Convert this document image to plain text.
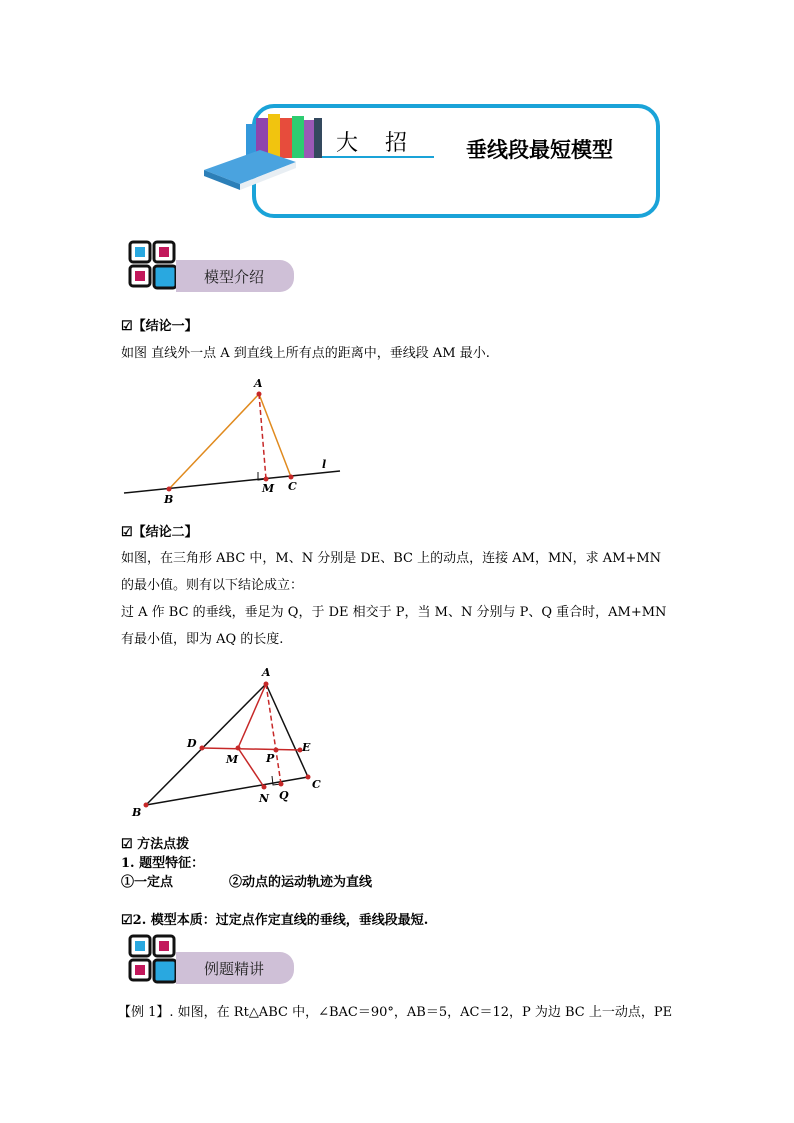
大 招 垂线段最短模型
模型介绍
☑【结论一】
如图 直线外一点 A 到直线上所有点的距离中，垂线段 AM 最小.
A
B
M C
l
☑【结论二】
如图，在三角形 ABC 中，M、N 分别是 DE、BC 上的动点，连接 AM，MN，求 AM+MN
的最小值。则有以下结论成立：
过 A 作 BC 的垂线，垂足为 Q，于 DE 相交于 P，当 M、N 分别与 P、Q 重合时，AM+MN
有最小值，即为 AQ 的长度.
A
D	E
M	P
B
N Q
C
☑ 方法点拨
1. 题型特征：
①一定点	②动点的运动轨迹为直线
☑2. 模型本质：过定点作定直线的垂线，垂线段最短.
例题精讲
【例 1】. 如图，在 Rt△ABC 中，∠BAC＝90°，AB＝5，AC＝12，P 为边 BC 上一动点，PE
